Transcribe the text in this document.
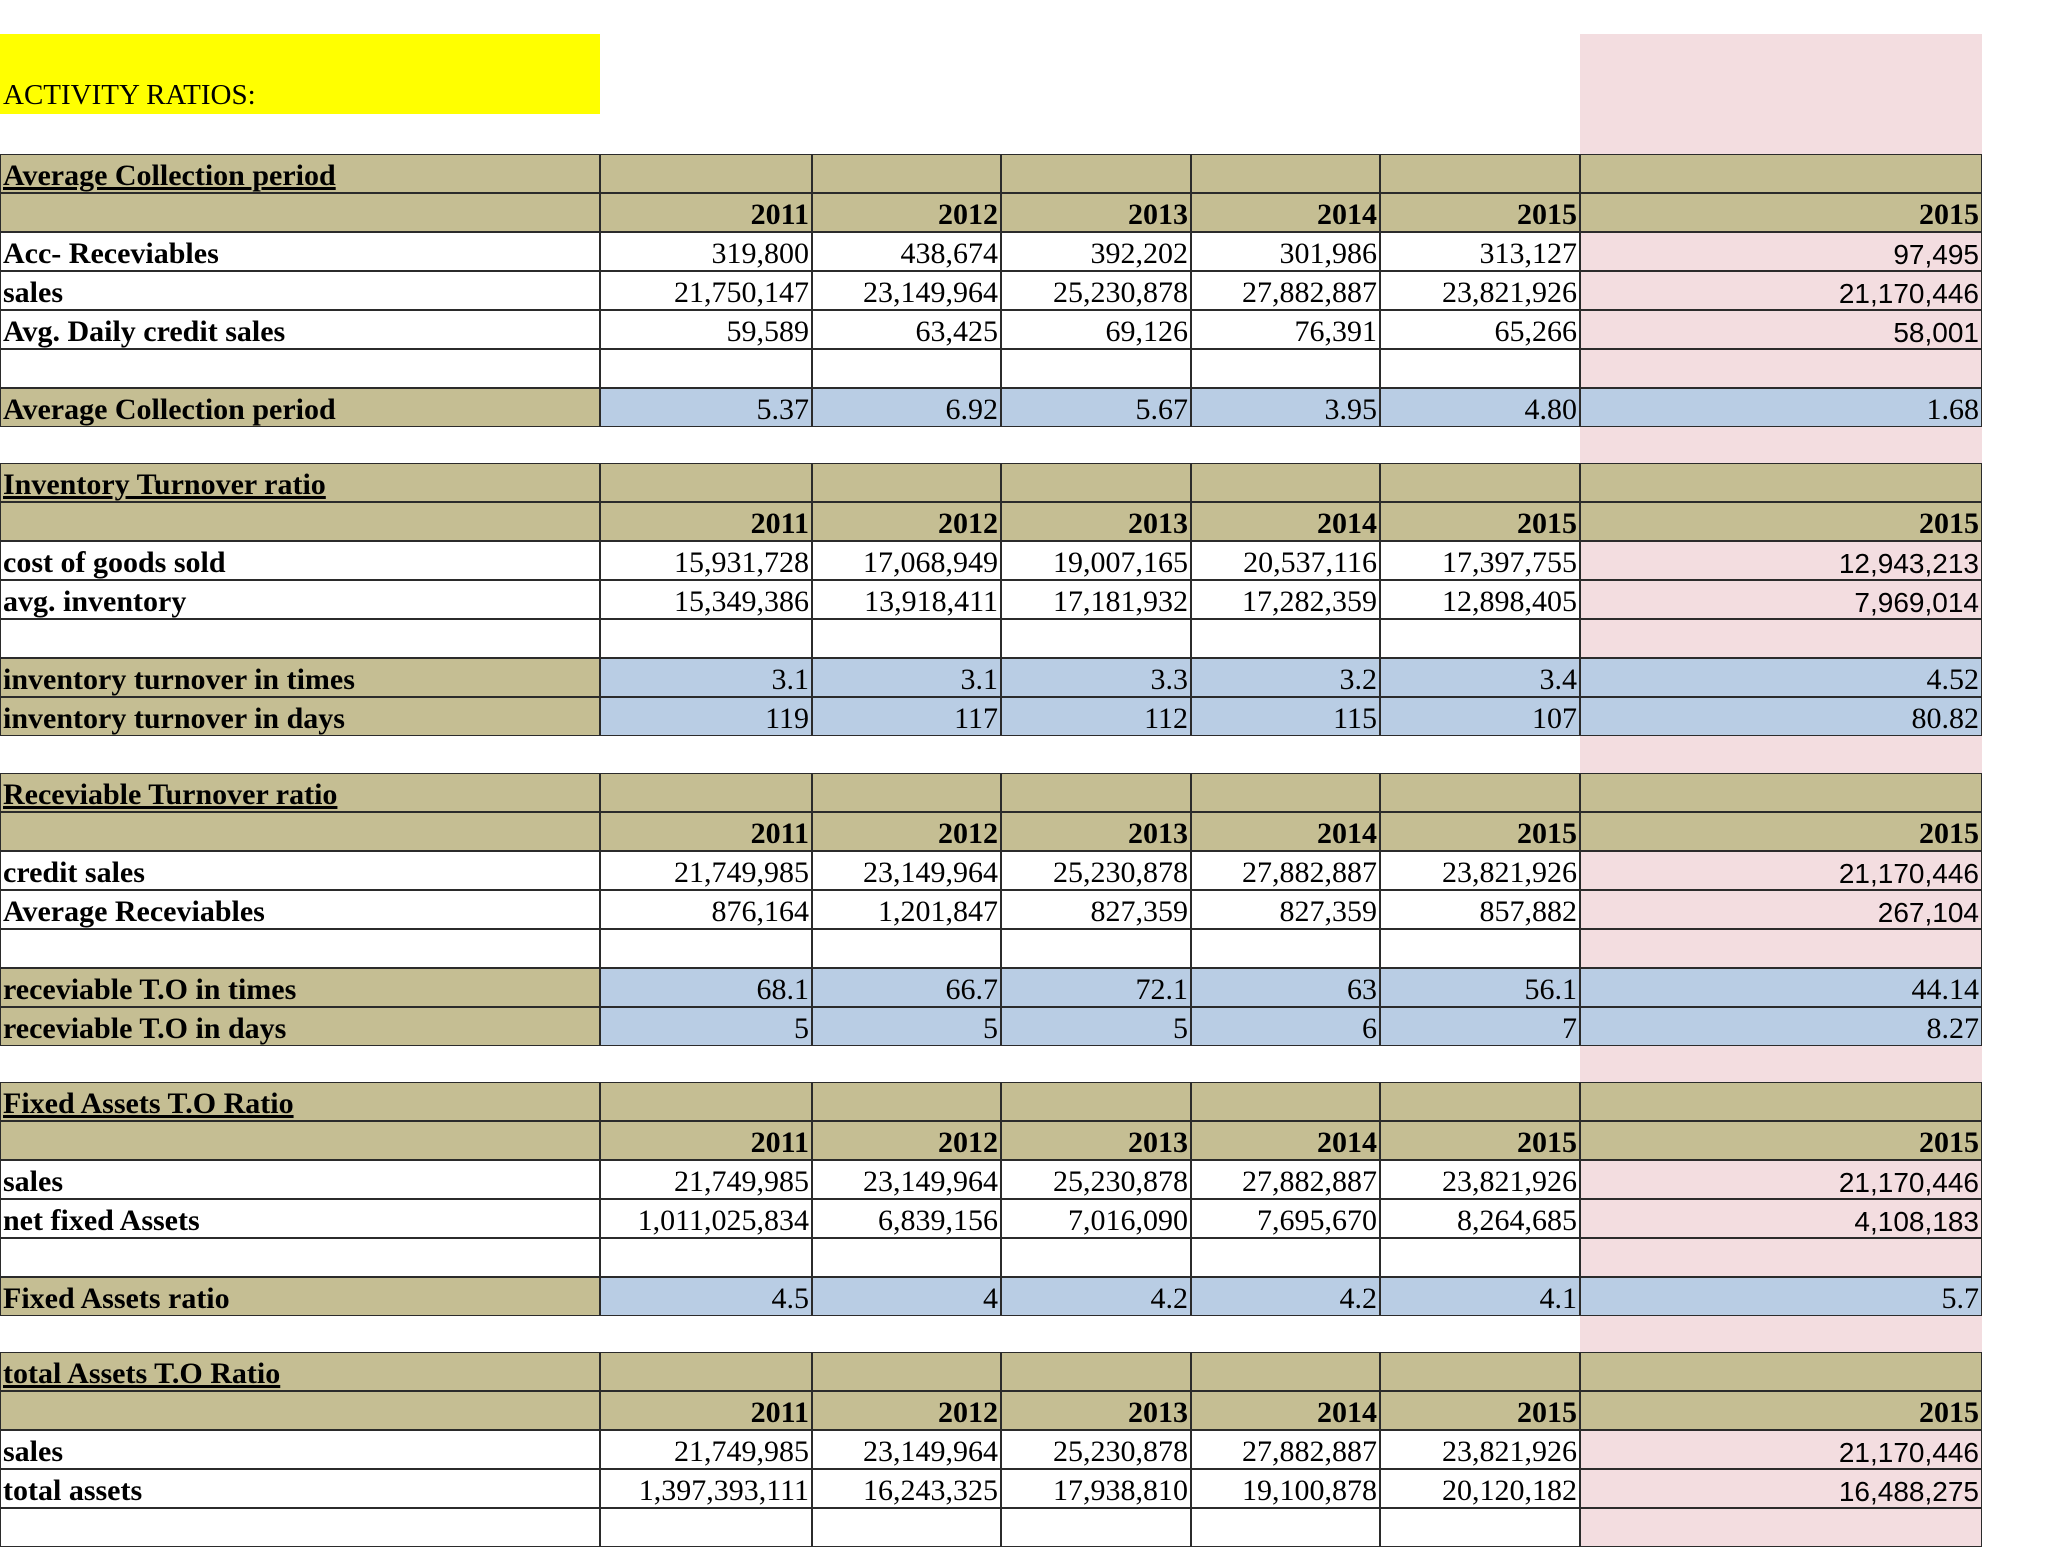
ACTIVITY RATIOS:
Average Collection period
2011	2012	2013	2014	2015	2015
Acc- Receviables	319,800	438,674	392,202	301,986	313,127	97,495
sales	21,750,147 23,149,964 25,230,878 27,882,887 23,821,926	21,170,446
Avg. Daily credit sales	59,589	63,425	69,126	76,391	65,266	58,001
Average Collection period	5.37	6.92	5.67	3.95	4.80	1.68
Inventory Turnover ratio
2011	2012	2013	2014	2015	2015
cost of goods sold	15,931,728 17,068,949 19,007,165 20,537,116 17,397,755	12,943,213
avg. inventory	15,349,386 13,918,411 17,181,932 17,282,359 12,898,405	7,969,014
inventory turnover in times	3.1	3.1	3.3	3.2	3.4	4.52
inventory turnover in days	119	117	112	115	107	80.82
Receviable Turnover ratio
2011	2012	2013	2014	2015	2015
credit sales	21,749,985 23,149,964 25,230,878 27,882,887 23,821,926	21,170,446
Average Receviables	876,164 1,201,847	827,359	827,359	857,882	267,104
receviable T.O in times	68.1	66.7	72.1	63	56.1	44.14
receviable T.O in days	5	5	5	6	7	8.27
Fixed Assets T.O Ratio
2011	2012	2013	2014	2015	2015
sales	21,749,985 23,149,964 25,230,878 27,882,887 23,821,926	21,170,446
net fixed Assets	1,011,025,834 6,839,156 7,016,090 7,695,670	8,264,685	4,108,183
Fixed Assets ratio	4.5	4	4.2	4.2	4.1	5.7
total Assets T.O Ratio
2011	2012	2013	2014	2015	2015
sales	21,749,985 23,149,964 25,230,878 27,882,887 23,821,926	21,170,446
total assets	1,397,393,111 16,243,325 17,938,810 19,100,878 20,120,182	16,488,275
